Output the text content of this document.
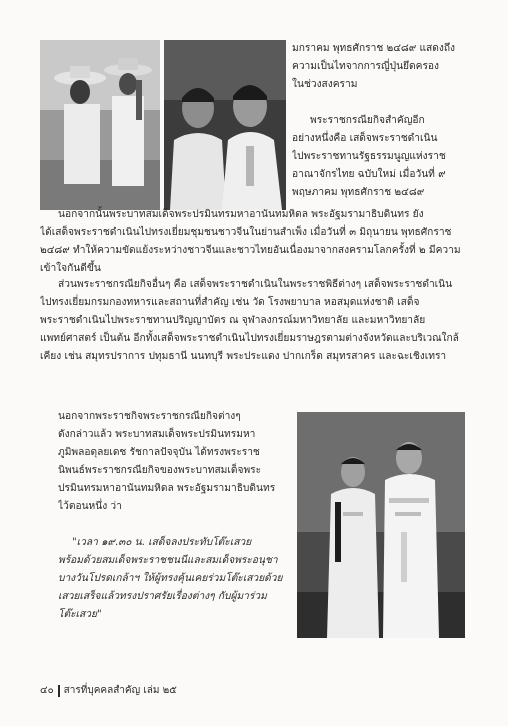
มกราคม พุทธศักราช ๒๔๘๙ แสดงถึง
ความเป็นไทจากการญี่ปุ่นยึดครอง
ในช่วงสงคราม
พระราชกรณียกิจสำคัญอีก
อย่างหนึ่งคือ เสด็จพระราชดำเนิน
ไปพระราชทานรัฐธรรมนูญแห่งราช
อาณาจักรไทย ฉบับใหม่ เมื่อวันที่ ๙
พฤษภาคม พุทธศักราช ๒๔๘๙
นอกจากนั้นพระบาทสมเด็จพระปรมินทรมหาอานันทมหิดล พระอัฐมรามาธิบดินทร ยัง
ได้เสด็จพระราชดำเนินไปทรงเยี่ยมชุมชนชาวจีนในย่านสำเพ็ง เมื่อวันที่ ๓ มิถุนายน พุทธศักราช
๒๔๘๙ ทำให้ความขัดแย้งระหว่างชาวจีนและชาวไทยอันเนื่องมาจากสงครามโลกครั้งที่ ๒ มีความ
เข้าใจกันดีขึ้น
ส่วนพระราชกรณียกิจอื่นๆ คือ เสด็จพระราชดำเนินในพระราชพิธีต่างๆ เสด็จพระราชดำเนิน
ไปทรงเยี่ยมกรมกองทหารและสถานที่สำคัญ เช่น วัด โรงพยาบาล หอสมุดแห่งชาติ เสด็จ
พระราชดำเนินไปพระราชทานปริญญาบัตร ณ จุฬาลงกรณ์มหาวิทยาลัย และมหาวิทยาลัย
แพทย์ศาสตร์ เป็นต้น อีกทั้งเสด็จพระราชดำเนินไปทรงเยี่ยมราษฎรตามต่างจังหวัดและบริเวณใกล้
เคียง เช่น สมุทรปราการ ปทุมธานี นนทบุรี พระประแดง ปากเกร็ด สมุทรสาคร และฉะเชิงเทรา
นอกจากพระราชกิจพระราชกรณียกิจต่างๆ
ดังกล่าวแล้ว พระบาทสมเด็จพระปรมินทรมหา
ภูมิพลอดุลยเดช รัชกาลปัจจุบัน ได้ทรงพระราช
นิพนธ์พระราชกรณียกิจของพระบาทสมเด็จพระ
ปรมินทรมหาอานันทมหิดล พระอัฐมรามาธิบดินทร
ไว้ตอนหนึ่ง ว่า
"เวลา ๑๙.๓๐ น. เสด็จลงประทับโต๊ะเสวย
พร้อมด้วยสมเด็จพระราชชนนีและสมเด็จพระอนุชา
บางวันโปรดเกล้าฯ ให้ผู้ทรงคุ้นเคยร่วมโต๊ะเสวยด้วย
เสวยเสร็จแล้วทรงปราศรัยเรื่องต่างๆ กับผู้มาร่วม
โต๊ะเสวย"
๔๐ สารที่บุคคลสำคัญ เล่ม ๒๕
